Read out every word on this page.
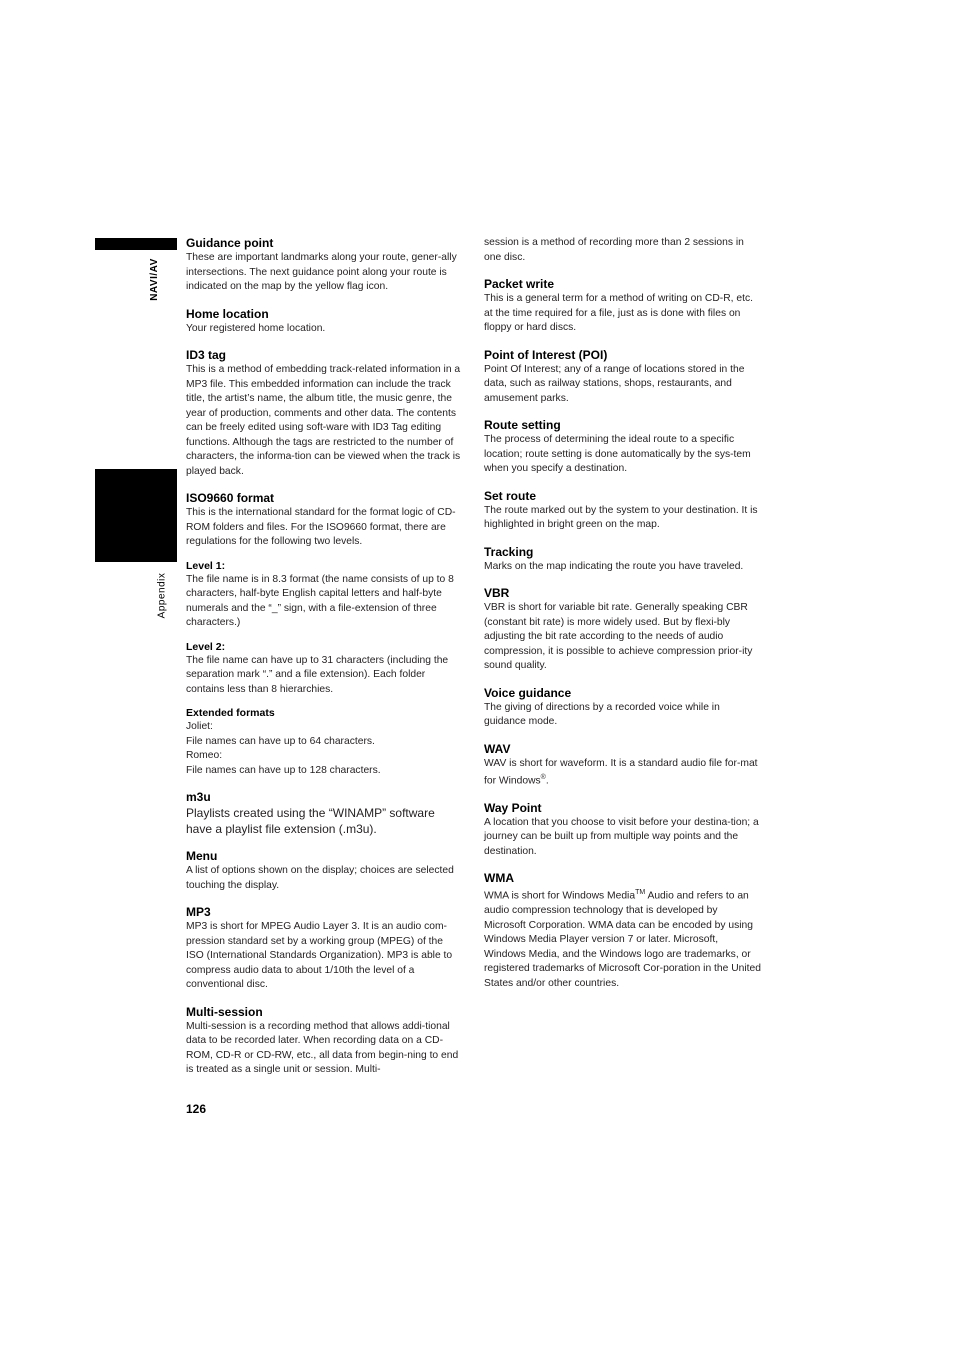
NAVI/AV
Appendix

Guidance point

These are important landmarks along your route, gener-ally intersections. The next guidance point along your route is indicated on the map by the yellow flag icon.

Home location

Your registered home location.

ID3 tag

This is a method of embedding track-related information in a MP3 file. This embedded information can include the track title, the artist’s name, the album title, the music genre, the year of production, comments and other data. The contents can be freely edited using soft-ware with ID3 Tag editing functions. Although the tags are restricted to the number of characters, the informa-tion can be viewed when the track is played back.

ISO9660 format

This is the international standard for the format logic of CD-ROM folders and files. For the ISO9660 format, there are regulations for the following two levels.

Level 1:

The file name is in 8.3 format (the name consists of up to 8 characters, half-byte English capital letters and half-byte numerals and the “_” sign, with a file-extension of three characters.)

Level 2:

The file name can have up to 31 characters (including the separation mark “.” and a file extension). Each folder contains less than 8 hierarchies.

Extended formats

Joliet:

File names can have up to 64 characters.

Romeo:

File names can have up to 128 characters.

m3u

Playlists created using the “WINAMP” software have a playlist file extension (.m3u).

Menu

A list of options shown on the display; choices are selected touching the display.

MP3

MP3 is short for MPEG Audio Layer 3. It is an audio com-pression standard set by a working group (MPEG) of the ISO (International Standards Organization). MP3 is able to compress audio data to about 1/10th the level of a conventional disc.

Multi-session

Multi-session is a recording method that allows addi-tional data to be recorded later. When recording data on a CD-ROM, CD-R or CD-RW, etc., all data from begin-ning to end is treated as a single unit or session. Multi-

session is a method of recording more than 2 sessions in one disc.

Packet write

This is a general term for a method of writing on CD-R, etc. at the time required for a file, just as is done with files on floppy or hard discs.

Point of Interest (POI)

Point Of Interest; any of a range of locations stored in the data, such as railway stations, shops, restaurants, and amusement parks.

Route setting

The process of determining the ideal route to a specific location; route setting is done automatically by the sys-tem when you specify a destination.

Set route

The route marked out by the system to your destination. It is highlighted in bright green on the map.

Tracking

Marks on the map indicating the route you have traveled.

VBR

VBR is short for variable bit rate. Generally speaking CBR (constant bit rate) is more widely used. But by flexi-bly adjusting the bit rate according to the needs of audio compression, it is possible to achieve compression prior-ity sound quality.

Voice guidance

The giving of directions by a recorded voice while in guidance mode.

WAV

WAV is short for waveform. It is a standard audio file for-mat for Windows®.

Way Point

A location that you choose to visit before your destina-tion; a journey can be built up from multiple way points and the destination.

WMA

WMA is short for Windows Media™ Audio and refers to an audio compression technology that is developed by Microsoft Corporation. WMA data can be encoded by using Windows Media Player version 7 or later. Microsoft, Windows Media, and the Windows logo are trademarks, or registered trademarks of Microsoft Cor-poration in the United States and/or other countries.

126
